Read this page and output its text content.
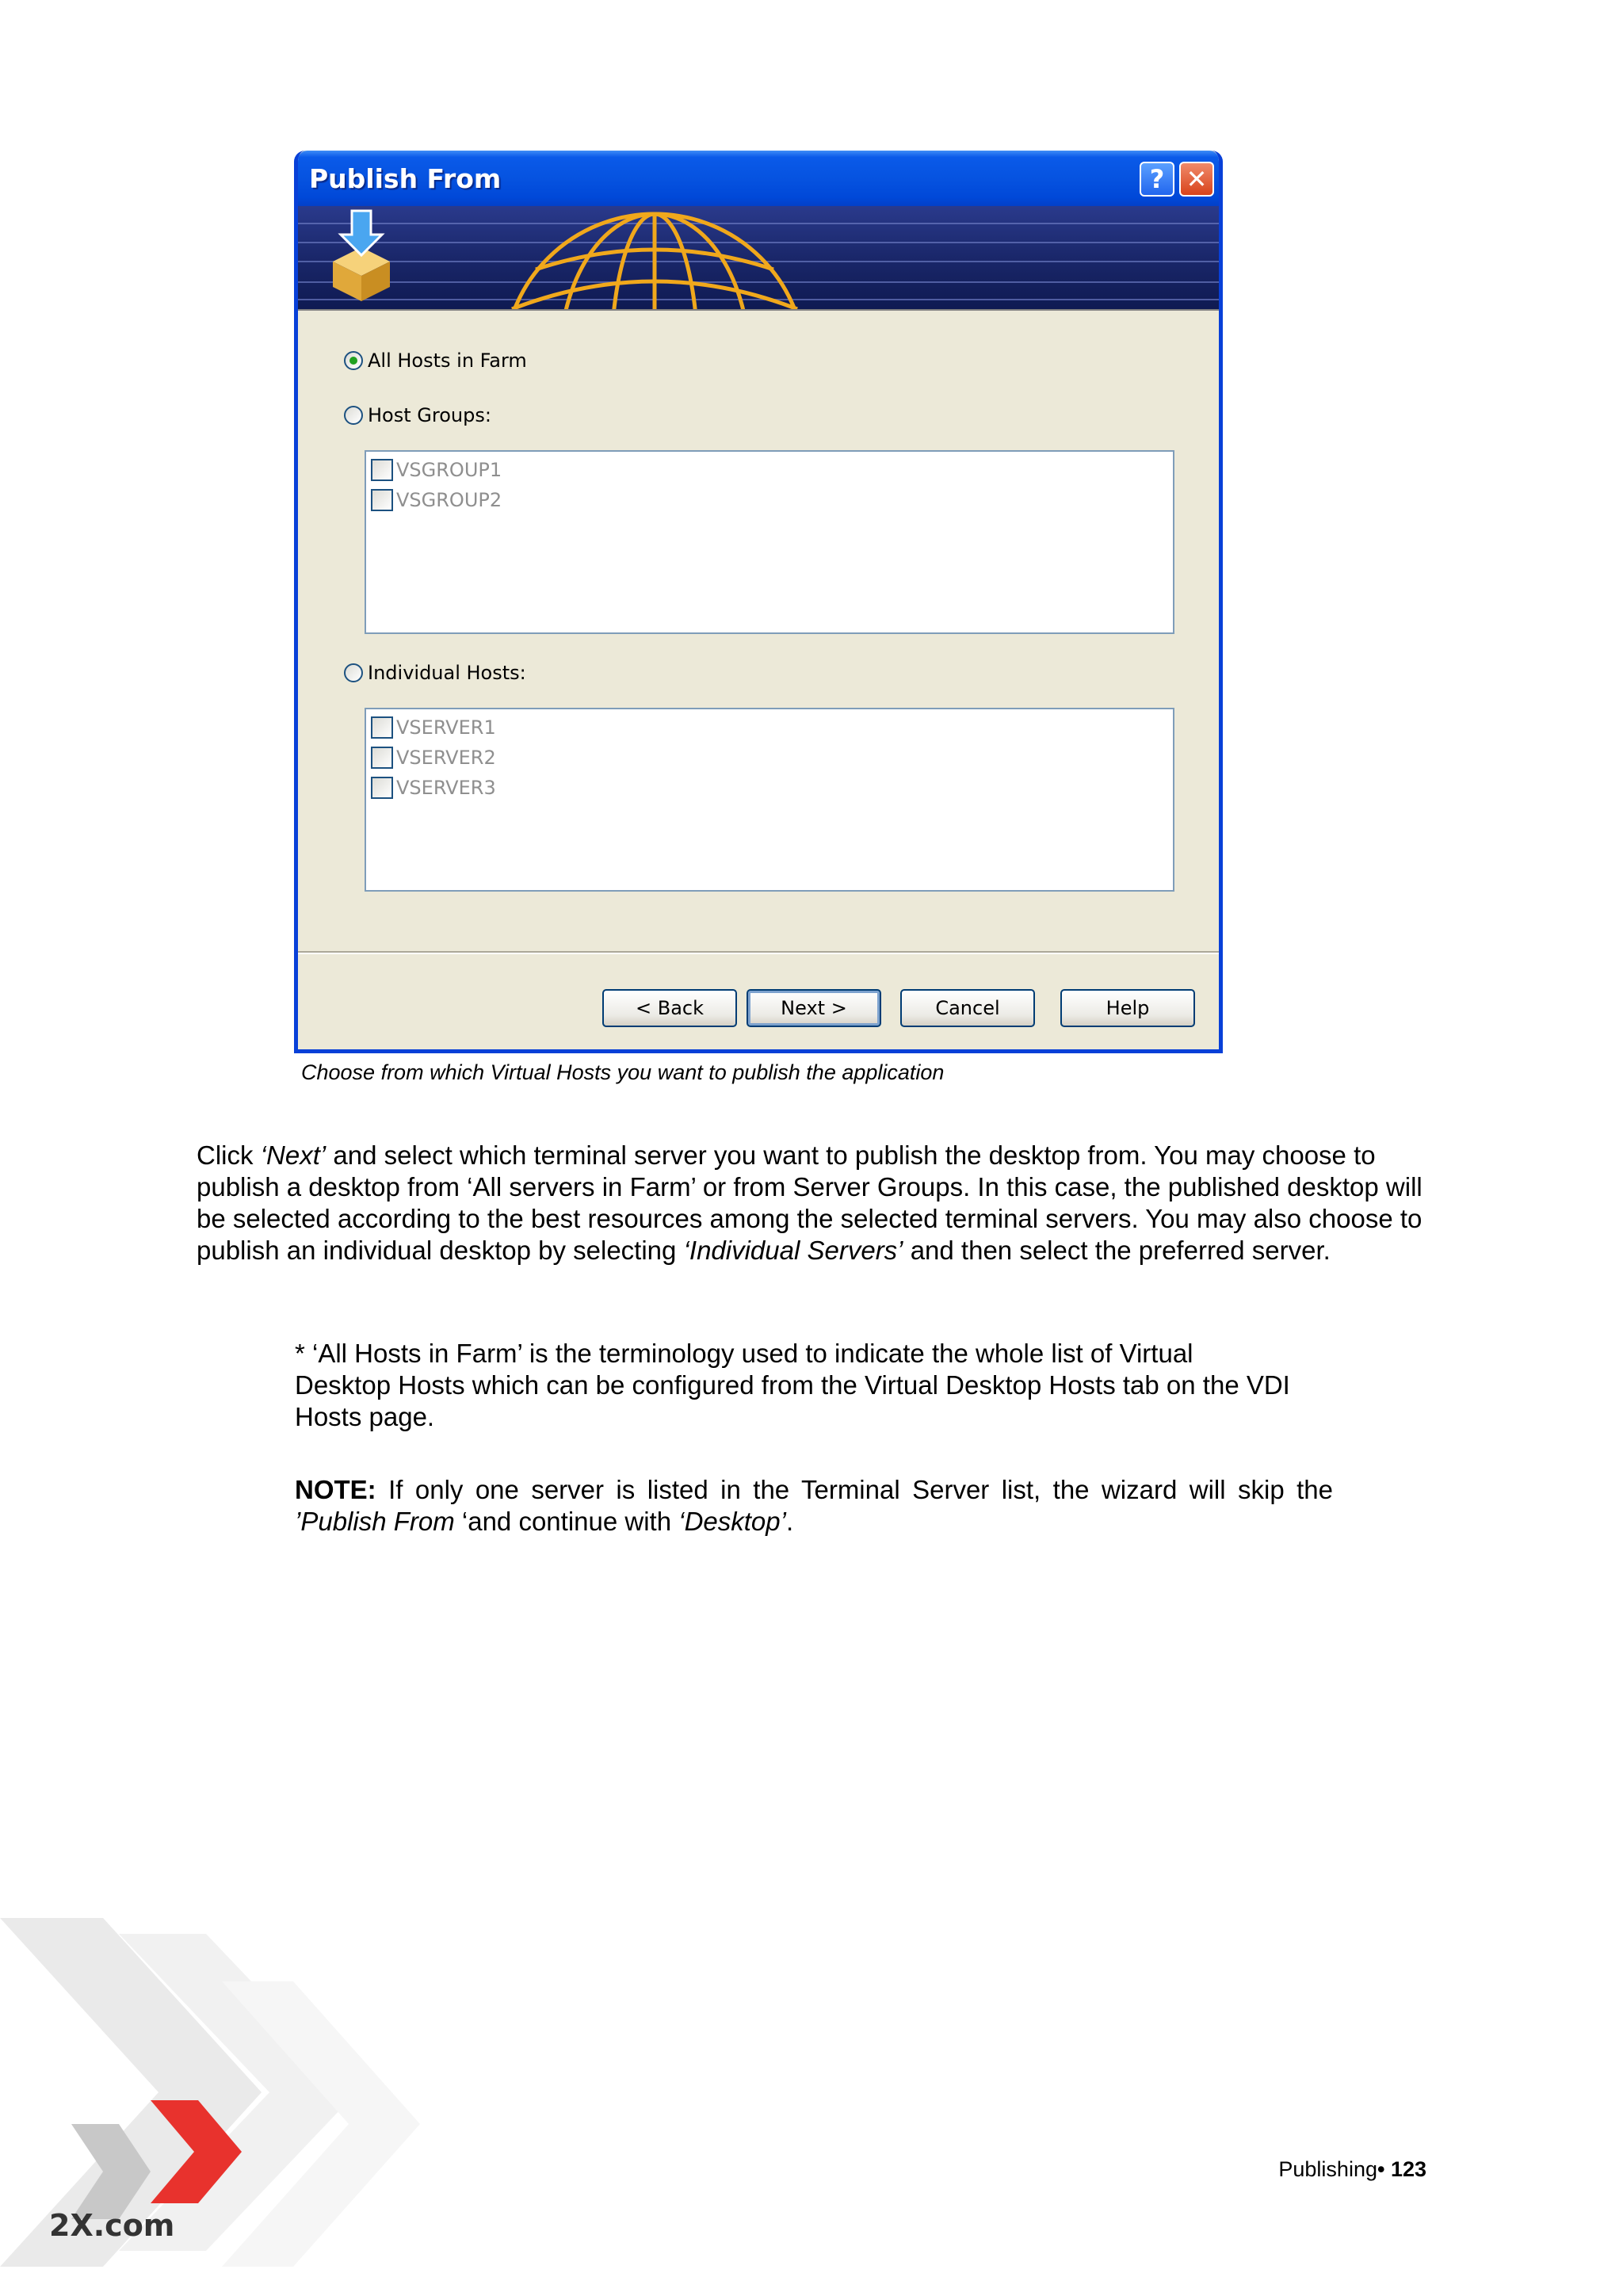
Publish From	? ✕
All Hosts in Farm
Host Groups:
VSGROUP1
VSGROUP2
Individual Hosts:
VSERVER1
VSERVER2
VSERVER3
< Back	Next >	Cancel	Help
Choose from which Virtual Hosts you want to publish the application

Click ‘Next’ and select which terminal server you want to publish the desktop from. You may choose to publish a desktop from ‘All servers in Farm’ or from Server Groups. In this case, the published desktop will be selected according to the best resources among the selected terminal servers. You may also choose to publish an individual desktop by selecting ‘Individual Servers’ and then select the preferred server.

* ‘All Hosts in Farm’ is the terminology used to indicate the whole list of Virtual Desktop Hosts which can be configured from the Virtual Desktop Hosts tab on the VDI Hosts page.

NOTE: If only one server is listed in the Terminal Server list, the wizard will skip the ’Publish From ‘and continue with ‘Desktop’.

2X.com
Publishing• 123
